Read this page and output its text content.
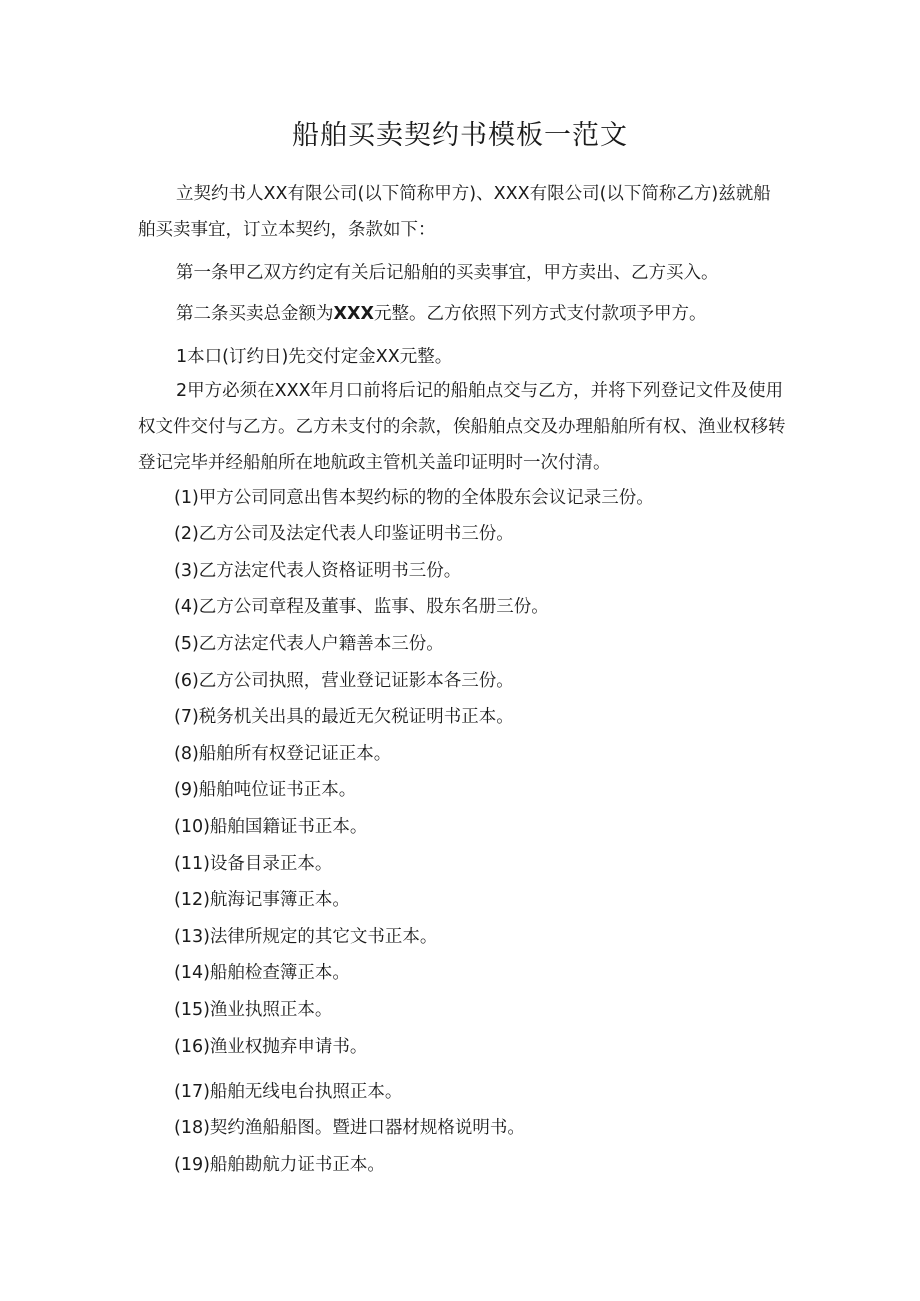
船舶买卖契约书模板一范文

立契约书人XX有限公司(以下简称甲方)、XXX有限公司(以下简称乙方)兹就船舶买卖事宜，订立本契约，条款如下：

第一条甲乙双方约定有关后记船舶的买卖事宜，甲方卖出、乙方买入。

第二条买卖总金额为XXX元整。乙方依照下列方式支付款项予甲方。

1本口(订约日)先交付定金XX元整。

2甲方必须在XXX年月口前将后记的船舶点交与乙方，并将下列登记文件及使用权文件交付与乙方。乙方未支付的余款，俟船舶点交及办理船舶所有权、渔业权移转登记完毕并经船舶所在地航政主管机关盖印证明时一次付清。

(1)甲方公司同意出售本契约标的物的全体股东会议记录三份。

(2)乙方公司及法定代表人印鉴证明书三份。

(3)乙方法定代表人资格证明书三份。

(4)乙方公司章程及董事、监事、股东名册三份。

(5)乙方法定代表人户籍善本三份。

(6)乙方公司执照，营业登记证影本各三份。

(7)税务机关出具的最近无欠税证明书正本。

(8)船舶所有权登记证正本。

(9)船舶吨位证书正本。

(10)船舶国籍证书正本。

(11)设备目录正本。

(12)航海记事簿正本。

(13)法律所规定的其它文书正本。

(14)船舶检查簿正本。

(15)渔业执照正本。

(16)渔业权抛弃申请书。

(17)船舶无线电台执照正本。

(18)契约渔船船图。暨进口器材规格说明书。

(19)船舶勘航力证书正本。
